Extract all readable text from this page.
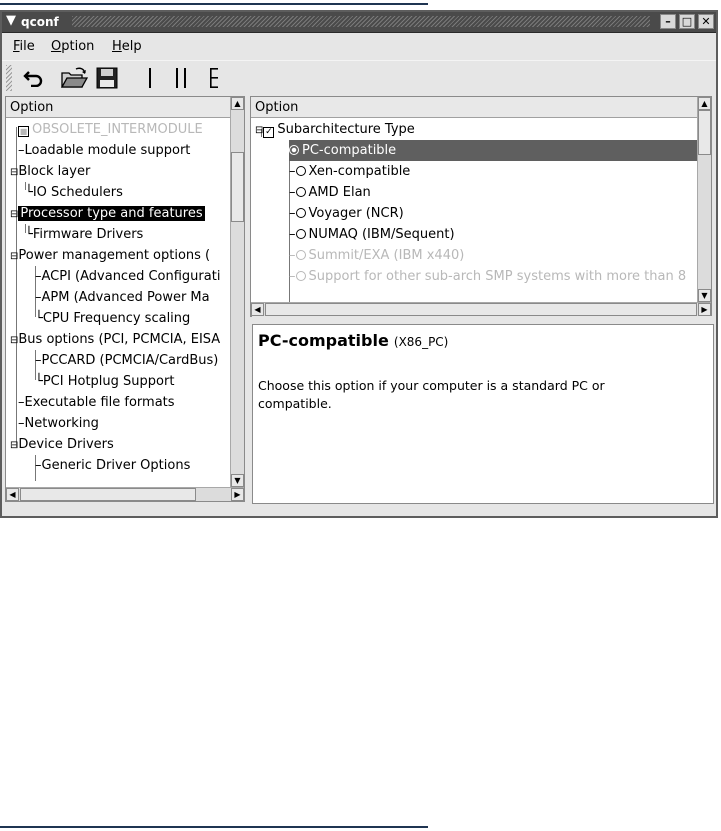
▼ qconf	–	□ ✕
File Option Help
Option
■ OBSOLETE_INTERMODULE
–Loadable module support
⊟Block layer
└IO Schedulers
⊟ Processor type and features
└Firmware Drivers
⊟Power management options (
–ACPI (Advanced Configurati
–APM (Advanced Power Ma
└CPU Frequency scaling
⊟Bus options (PCI, PCMCIA, EISA
–PCCARD (PCMCIA/CardBus)
└PCI Hotplug Support
–Executable file formats
–Networking
⊟Device Drivers
–Generic Driver Options
▲
▼
◀	▶
Option
⊟ ✓ Subarchitecture Type
PC-compatible
– Xen-compatible
– AMD Elan
– Voyager (NCR)
– NUMAQ (IBM/Sequent)
– Summit/EXA (IBM x440)
– Support for other sub-arch SMP systems with more than 8
▲
▼
◀	▶
PC-compatible (X86_PC)
Choose this option if your computer is a standard PC or compatible.
